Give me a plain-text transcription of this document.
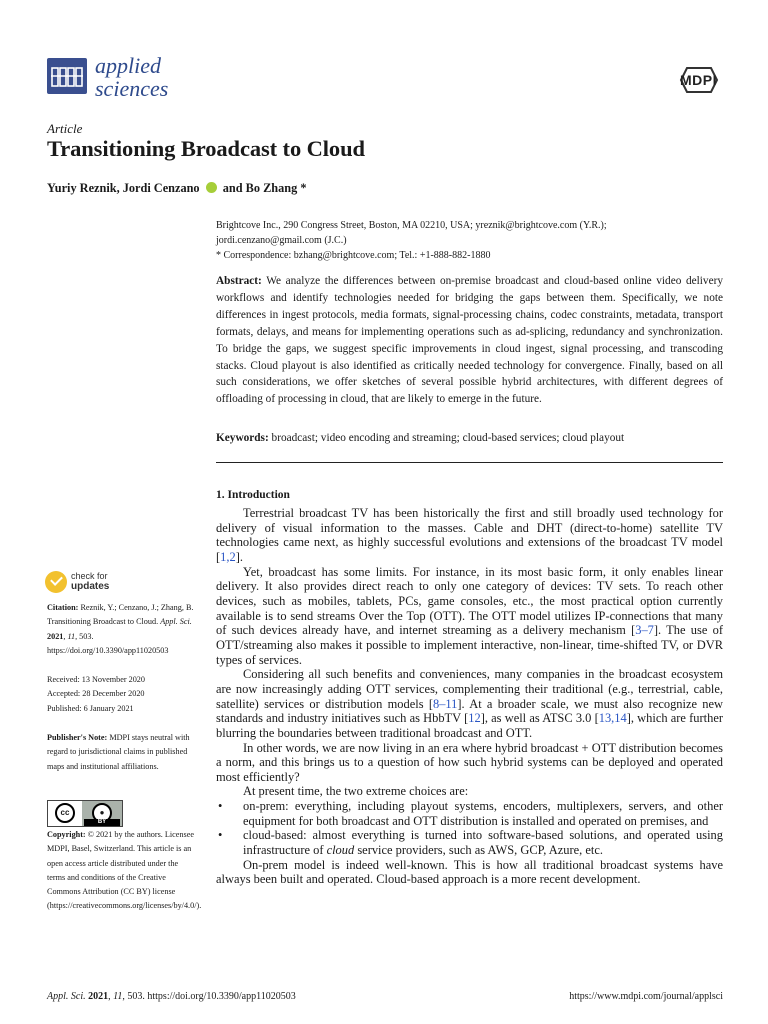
applied
sciences	MDPI
Article
Transitioning Broadcast to Cloud
Yuriy Reznik, Jordi Cenzano and Bo Zhang *
Brightcove Inc., 290 Congress Street, Boston, MA 02210, USA; yreznik@brightcove.com (Y.R.);
jordi.cenzano@gmail.com (J.C.)
* Correspondence: bzhang@brightcove.com; Tel.: +1-888-882-1880
Abstract: We analyze the differences between on-premise broadcast and cloud-based online video delivery workflows and identify technologies needed for bridging the gaps between them. Specifically, we note differences in ingest protocols, media formats, signal-processing chains, codec constraints, metadata, transport formats, delays, and means for implementing operations such as ad-splicing, redundancy and synchronization. To bridge the gaps, we suggest specific improvements in cloud ingest, signal processing, and transcoding stacks. Cloud playout is also identified as critically needed technology for convergence. Finally, based on all such considerations, we offer sketches of several possible hybrid architectures, with different degrees of offloading of processing in cloud, that are likely to emerge in the future.
Keywords: broadcast; video encoding and streaming; cloud-based services; cloud playout
1. Introduction

Terrestrial broadcast TV has been historically the first and still broadly used technology for delivery of visual information to the masses. Cable and DHT (direct-to-home) satellite TV technologies came next, as highly successful evolutions and extensions of the broadcast TV model [1,2].

Yet, broadcast has some limits. For instance, in its most basic form, it only enables linear delivery. It also provides direct reach to only one category of devices: TV sets. To reach other devices, such as mobiles, tablets, PCs, game consoles, etc., the most practical option currently available is to send streams Over the Top (OTT). The OTT model utilizes IP-connections that many of such devices already have, and internet streaming as a delivery mechanism [3–7]. The use of OTT/streaming also makes it possible to implement interactive, non-linear, time-shifted TV, or DVR types of services.

Considering all such benefits and conveniences, many companies in the broadcast ecosystem are now increasingly adding OTT services, complementing their traditional (e.g., terrestrial, cable, satellite) services or distribution models [8–11]. At a broader scale, we must also recognize new standards and industry initiatives such as HbbTV [12], as well as ATSC 3.0 [13,14], which are further blurring the boundaries between traditional broadcast and OTT.

In other words, we are now living in an era where hybrid broadcast + OTT distribution becomes a norm, and this brings us to a question of how such hybrid systems can be deployed and operated most efficiently?

At present time, the two extreme choices are:

• on-prem: everything, including playout systems, encoders, multiplexers, servers, and other equipment for both broadcast and OTT distribution is installed and operated on premises, and
• cloud-based: almost everything is turned into software-based solutions, and operated using infrastructure of cloud service providers, such as AWS, GCP, Azure, etc.

On-prem model is indeed well-known. This is how all traditional broadcast systems have always been built and operated. Cloud-based approach is a more recent development.

check for
updates
Citation: Reznik, Y.; Cenzano, J.; Zhang, B. Transitioning Broadcast to Cloud. Appl. Sci. 2021, 11, 503. https://doi.org/10.3390/app11020503
Received: 13 November 2020
Accepted: 28 December 2020
Published: 6 January 2021
Publisher's Note: MDPI stays neutral with regard to jurisdictional claims in published maps and institutional affiliations.
cc	●
BY
Copyright: © 2021 by the authors. Licensee MDPI, Basel, Switzerland. This article is an open access article distributed under the terms and conditions of the Creative Commons Attribution (CC BY) license (https://creativecommons.org/licenses/by/4.0/).
Appl. Sci. 2021, 11, 503. https://doi.org/10.3390/app11020503	https://www.mdpi.com/journal/applsci
